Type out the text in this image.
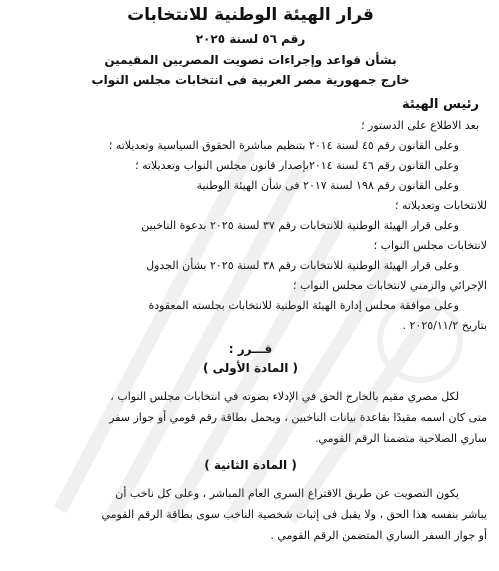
قرار الهيئة الوطنية للانتخابات

رقم ٥٦ لسنة ٢٠٢٥

بشأن قواعد وإجراءات تصويت المصريين المقيمين

خارج جمهورية مصر العربية فى انتخابات مجلس النواب

رئيس الهيئة

بعد الاطلاع على الدستور ؛

وعلى القانون رقم ٤٥ لسنة ٢٠١٤ بتنظيم مباشرة الحقوق السياسية وتعديلاته ؛

وعلى القانون رقم ٤٦ لسنة ٢٠١٤بإصدار قانون مجلس النواب وتعديلاته ؛

وعلى القانون رقم ١٩٨ لسنة ٢٠١٧ فى شأن الهيئة الوطنية
للانتخابات وتعديلاته ؛

وعلى قرار الهيئة الوطنية للانتخابات رقم ٣٧ لسنة ٢٠٢٥ بدعوة الناخبين
لانتخابات مجلس النواب ؛

وعلى قرار الهيئة الوطنية للانتخابات رقم ٣٨ لسنة ٢٠٢٥ بشأن الجدول
الإجرائي والزمني لانتخابات مجلس النواب ؛

وعلى موافقة مجلس إدارة الهيئة الوطنية للانتخابات بجلسته المعقودة
بتاريخ ٢٠٢٥/١١/٢ .

قـــرر :

( المادة الأولى )

لكل مصري مقيم بالخارج الحق في الإدلاء بصوته في انتخابات مجلس النواب ،
متى كان اسمه مقيدًا بقاعدة بيانات الناخبين ، ويحمل بطاقة رقم قومي أو جواز سفر
ساري الصلاحية متضمنا الرقم القومي.

( المادة الثانية )

يكون التصويت عن طريق الاقتراع السرى العام المباشر ، وعلى كل ناخب أن
يباشر بنفسه هذا الحق ، ولا يقبل فى إثبات شخصية الناخب سوى بطاقة الرقم القومي
أو جواز السفر الساري المتضمن الرقم القومي .
